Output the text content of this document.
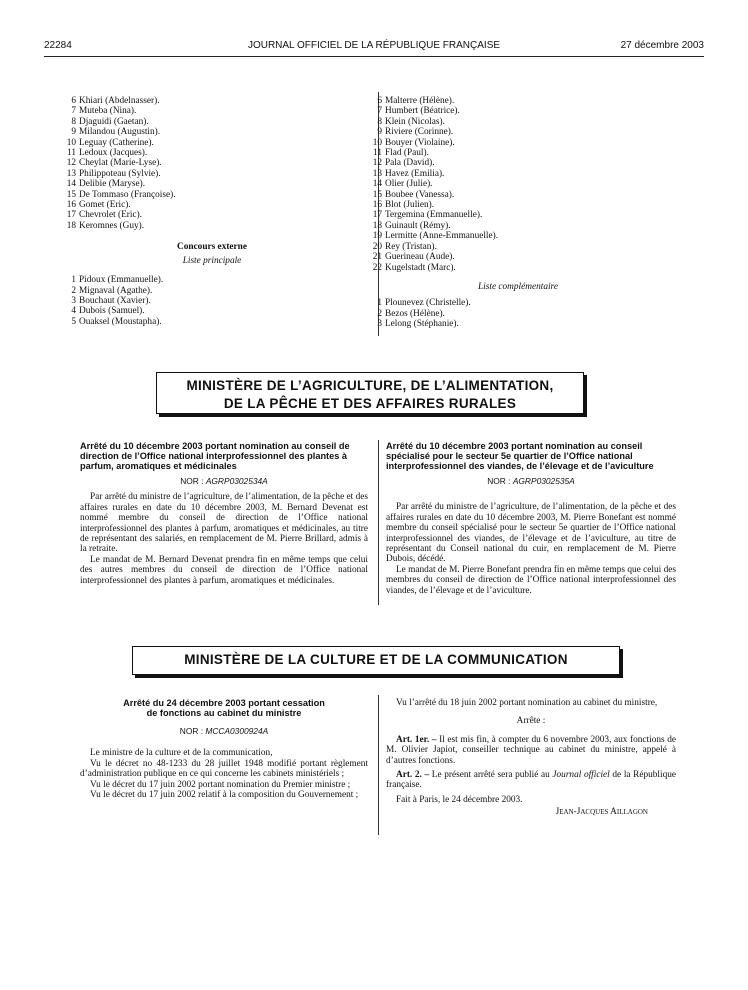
22284	JOURNAL OFFICIEL DE LA RÉPUBLIQUE FRANÇAISE	27 décembre 2003
6 Khiari (Abdelnasser).
7 Muteba (Nina).
8 Djaguidi (Gaetan).
9 Milandou (Augustin).
10 Leguay (Catherine).
11 Ledoux (Jacques).
12 Cheylat (Marie-Lyse).
13 Philippoteau (Sylvie).
14 Delibie (Maryse).
15 De Tommaso (Françoise).
16 Gomet (Eric).
17 Chevrolet (Eric).
18 Keromnes (Guy).
Concours externe
Liste principale
1 Pidoux (Emmanuelle).
2 Mignaval (Agathe).
3 Bouchaut (Xavier).
4 Dubois (Samuel).
5 Ouaksel (Moustapha).
6 Malterre (Hélène).
7 Humbert (Béatrice).
8 Klein (Nicolas).
9 Riviere (Corinne).
10 Bouyer (Violaine).
11 Flad (Paul).
12 Pala (David).
13 Havez (Emilia).
14 Olier (Julie).
15 Boubee (Vanessa).
16 Blot (Julien).
17 Tergemina (Emmanuelle).
18 Guinault (Rémy).
19 Lermitte (Anne-Emmanuelle).
20 Rey (Tristan).
21 Guerineau (Aude).
22 Kugelstadt (Marc).
Liste complémentaire
1 Plounevez (Christelle).
2 Bezos (Hélène).
3 Lelong (Stéphanie).
MINISTÈRE DE L’AGRICULTURE, DE L’ALIMENTATION,
DE LA PÊCHE ET DES AFFAIRES RURALES
Arrêté du 10 décembre 2003 portant nomination au conseil de direction de l’Office national interprofessionnel des plantes à parfum, aromatiques et médicinales
NOR : AGRP0302534A

Par arrêté du ministre de l’agriculture, de l’alimentation, de la pêche et des affaires rurales en date du 10 décembre 2003, M. Bernard Devenat est nommé membre du conseil de direction de l’Office national interprofessionnel des plantes à parfum, aromatiques et médicinales, au titre de représentant des salariés, en remplacement de M. Pierre Brillard, admis à la retraite.

Le mandat de M. Bernard Devenat prendra fin en même temps que celui des autres membres du conseil de direction de l’Office national interprofessionnel des plantes à parfum, aromatiques et médicinales.

Arrêté du 10 décembre 2003 portant nomination au conseil spécialisé pour le secteur 5e quartier de l’Office national interprofessionnel des viandes, de l’élevage et de l’aviculture
NOR : AGRP0302535A

Par arrêté du ministre de l’agriculture, de l’alimentation, de la pêche et des affaires rurales en date du 10 décembre 2003, M. Pierre Bonefant est nommé membre du conseil spécialisé pour le secteur 5e quartier de l’Office national interprofessionnel des viandes, de l’élevage et de l’aviculture, au titre de représentant du Conseil national du cuir, en remplacement de M. Pierre Dubois, décédé.

Le mandat de M. Pierre Bonefant prendra fin en même temps que celui des membres du conseil de direction de l’Office national interprofessionnel des viandes, de l’élevage et de l’aviculture.

MINISTÈRE DE LA CULTURE ET DE LA COMMUNICATION
Arrêté du 24 décembre 2003 portant cessation
de fonctions au cabinet du ministre
NOR : MCCA0300924A

Le ministre de la culture et de la communication,

Vu le décret no 48-1233 du 28 juillet 1948 modifié portant règlement d’administration publique en ce qui concerne les cabinets ministériels ;

Vu le décret du 17 juin 2002 portant nomination du Premier ministre ;

Vu le décret du 17 juin 2002 relatif à la composition du Gouvernement ;

Vu l’arrêté du 18 juin 2002 portant nomination au cabinet du ministre,

Arrête :

Art. 1er. – Il est mis fin, à compter du 6 novembre 2003, aux fonctions de M. Olivier Japiot, conseiller technique au cabinet du ministre, appelé à d’autres fonctions.

Art. 2. – Le présent arrêté sera publié au Journal officiel de la République française.

Fait à Paris, le 24 décembre 2003.

Jean-Jacques Aillagon
